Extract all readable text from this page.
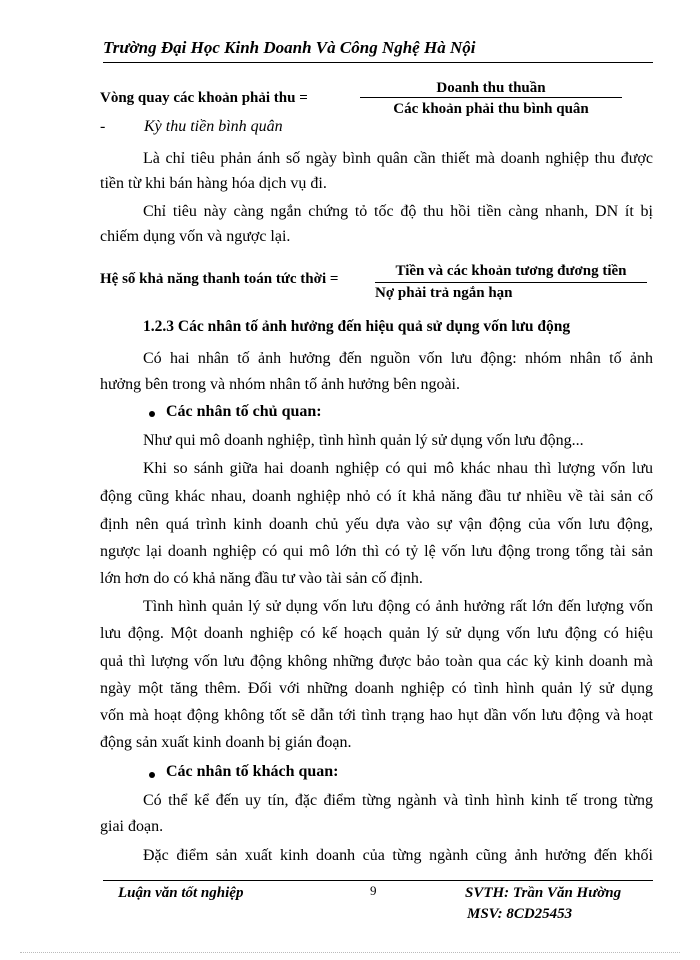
Trường Đại Học Kinh Doanh Và Công Nghệ Hà Nội
Vòng quay các khoản phải thu =
Doanh thu thuần
Các khoản phải thu bình quân
- Kỳ thu tiền bình quân
Là chỉ tiêu phản ánh số ngày bình quân cần thiết mà doanh nghiệp thu được
tiền từ khi bán hàng hóa dịch vụ đi.
Chỉ tiêu này càng ngắn chứng tỏ tốc độ thu hồi tiền càng nhanh, DN ít bị
chiếm dụng vốn và ngược lại.
Hệ số khả năng thanh toán tức thời =	Tiền và các khoản tương đương tiền
Nợ phải trả ngắn hạn
1.2.3 Các nhân tố ảnh hưởng đến hiệu quả sử dụng vốn lưu động
Có hai nhân tố ảnh hưởng đến nguồn vốn lưu động: nhóm nhân tố ảnh
hưởng bên trong và nhóm nhân tố ảnh hưởng bên ngoài.
Các nhân tố chủ quan:
Như qui mô doanh nghiệp, tình hình quản lý sử dụng vốn lưu động...
Khi so sánh giữa hai doanh nghiệp có qui mô khác nhau thì lượng vốn lưu
động cũng khác nhau, doanh nghiệp nhỏ có ít khả năng đầu tư nhiều về tài sản cố
định nên quá trình kinh doanh chủ yếu dựa vào sự vận động của vốn lưu động,
ngược lại doanh nghiệp có qui mô lớn thì có tỷ lệ vốn lưu động trong tổng tài sản
lớn hơn do có khả năng đầu tư vào tài sản cố định.
Tình hình quản lý sử dụng vốn lưu động có ảnh hưởng rất lớn đến lượng vốn
lưu động. Một doanh nghiệp có kế hoạch quản lý sử dụng vốn lưu động có hiệu
quả thì lượng vốn lưu động không những được bảo toàn qua các kỳ kinh doanh mà
ngày một tăng thêm. Đối với những doanh nghiệp có tình hình quản lý sử dụng
vốn mà hoạt động không tốt sẽ dẫn tới tình trạng hao hụt dần vốn lưu động và hoạt
động sản xuất kinh doanh bị gián đoạn.
Các nhân tố khách quan:
Có thể kể đến uy tín, đặc điểm từng ngành và tình hình kinh tế trong từng
giai đoạn.
Đặc điểm sản xuất kinh doanh của từng ngành cũng ảnh hưởng đến khối
Luận văn tốt nghiệp	9	SVTH: Trần Văn Hường
MSV: 8CD25453
